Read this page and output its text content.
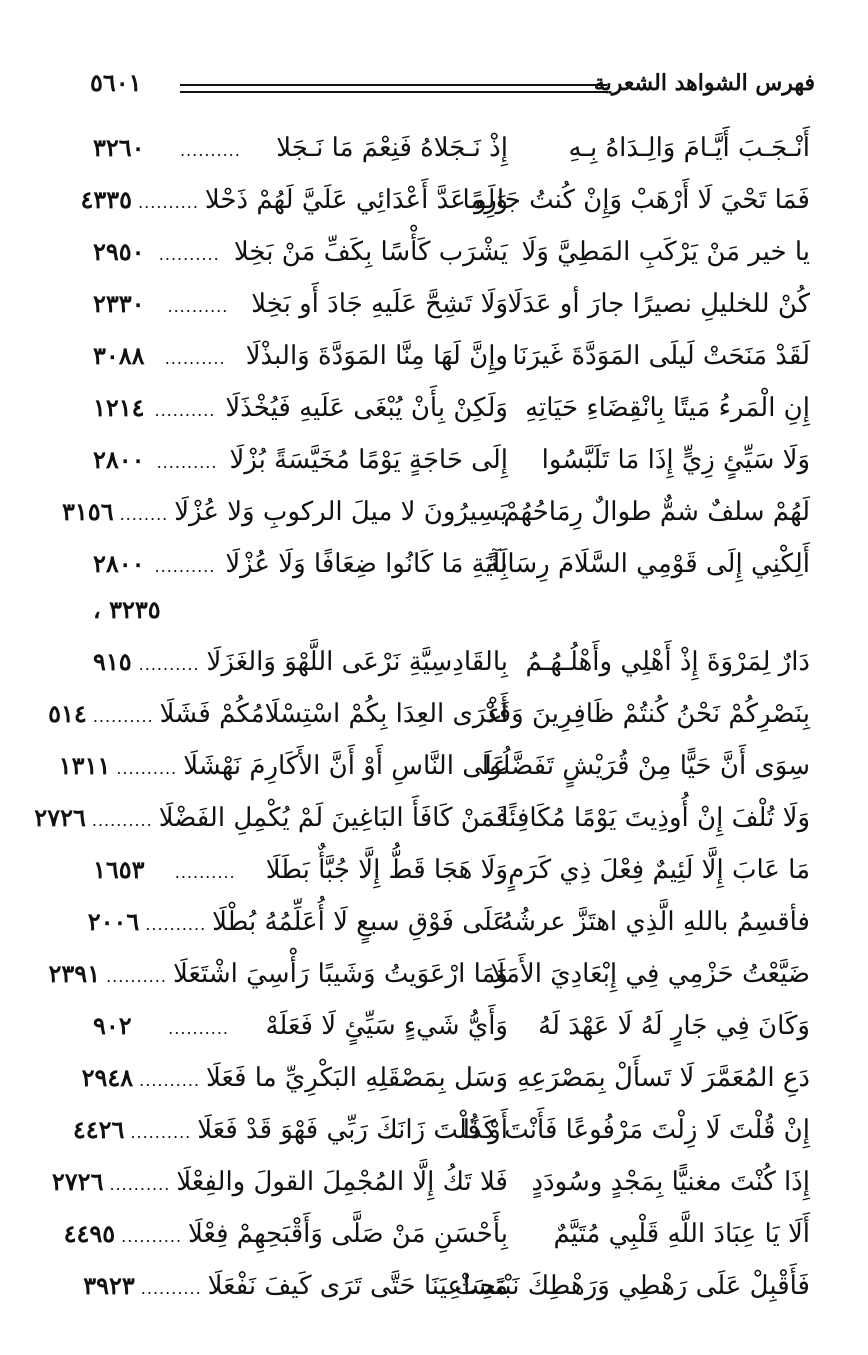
فهرس الشواهد الشعرية
٥٦٠١
أَنْـجَـبَ أَيَّـامَ وَالِـدَاهُ بِـهِ
إِذْ نَـجَلاهُ فَنِعْمَ مَا نَـجَلا
..........
٣٢٦٠
فَمَا تَحْيَ لَا أَرْهَبْ وَإِنْ كُنتُ جَارِمًا
وَلَو عَدَّ أَعْدَائِي عَلَيَّ لَهُمْ ذَحْلا
..........
٤٣٣٥
يا خير مَنْ يَرْكَبِ المَطِيَّ وَلَا
يَشْرَب كَأْسًا بِكَفِّ مَنْ بَخِلا
..........
٢٩٥٠
كُنْ للخليلِ نصيرًا جارَ أو عَدَلَا
وَلَا تَشِحَّ عَلَيهِ جَادَ أَو بَخِلا
..........
٢٣٣٠
لَقَدْ مَنَحَتْ لَيلَى المَوَدَّةَ غَيرَنَا
وإِنَّ لَهَا مِنَّا المَوَدَّةَ وَالبذْلَا
..........
٣٠٨٨
إِنِ الْمَرءُ مَيتًا بِانْقِضَاءِ حَيَاتِهِ
وَلَكِنْ بِأَنْ يُبْغَى عَلَيهِ فَيُخْذَلَا
..........
١٢١٤
وَلَا سَيِّئٍ زِيٍّ إِذَا مَا تَلَبَّسُوا
إِلَى حَاجَةٍ يَوْمًا مُخَيَّسَةً بُزْلَا
..........
٢٨٠٠
لَهُمْ سلفٌ شمٌّ طوالٌ رِمَاحُهُمْ
يَسِيرُونَ لا ميلَ الركوبِ وَلا عُزْلَا
........
٣١٥٦
أَلِكْنِي إِلَى قَوْمِي السَّلَامَ رِسَالَةً
بِآيَةِ مَا كَانُوا ضِعَافًا وَلَا عُزْلَا
..........
٢٨٠٠
، ٣٢٣٥
دَارٌ لِمَرْوَةَ إِذْ أَهْلِي وأَهْلُـهُـمُ
بِالقَادِسِيَّةِ نَرْعَى اللَّهْوَ وَالغَزَلَا
..........
٩١٥
بِنَصْرِكُمْ نَحْنُ كُنتُمْ ظَافِرِينَ وَقَدْ
أَغْرَى العِدَا بِكُمْ اسْتِسْلَامُكُمْ فَشَلَا
..........
٥١٤
سِوَى أَنَّ حَيًّا مِنْ قُرَيْشٍ تَفَضَّلُوا
عَلَى النَّاسِ أَوْ أَنَّ الأَكَارِمَ نَهْشَلَا
..........
١٣١١
وَلَا تُلْفَ إِنْ أُوذِيتَ يَوْمًا مُكَافِئًا
فَمَنْ كَافَأَ البَاغِينَ لَمْ يُكْمِلِ الفَضْلَا
..........
٢٧٢٦
مَا عَابَ إِلَّا لَئِيمٌ فِعْلَ ذِي كَرَمٍ
وَلَا هَجَا قَطُّ إِلَّا جُبَّأٌ بَطَلَا
..........
١٦٥٣
فأقسِمُ باللهِ الَّذِي اهتَزَّ عرشُهُ
عَلَى فَوْقِ سبعٍ لَا أُعَلِّمُهُ بُطْلَا
..........
٢٠٠٦
ضَيَّعْتُ حَزْمِي فِي إِبْعَادِيَ الأَمَلَا
وَمَا ارْعَوَيتُ وَشَيبًا رَأْسِيَ اشْتَعَلَا
..........
٢٣٩١
وَكَانَ فِي جَارٍ لَهُ لَا عَهْدَ لَهُ
وَأَيُّ شَيءٍ سَيِّئٍ لَا فَعَلَهْ
..........
٩٠٢
دَعِ المُعَمَّرَ لَا تَسأَلْ بِمَصْرَعِهِ
وَسَل بِمَصْقَلِهِ البَكْرِيِّ ما فَعَلَا
..........
٢٩٤٨
إِنْ قُلْتَ لَا زِلْتَ مَرْفُوعًا فَأَنْتَ كَذَا
أَوْ قُلْتَ زَانَكَ رَبِّي فَهْوَ قَدْ فَعَلَا
..........
٤٤٢٦
إِذَا كُنْتَ مغنيًّا بِمَجْدٍ وسُودَدٍ
فَلا تَكُ إِلَّا المُجْمِلَ القولَ والفِعْلَا
..........
٢٧٢٦
أَلَا يَا عِبَادَ اللَّهِ قَلْبِي مُتَيَّمٌ
بِأَحْسَنِ مَنْ صَلَّى وَأَقْبَحِهِمْ فِعْلَا
..........
٤٤٩٥
فَأَقْبِلْ عَلَى رَهْطِي وَرَهْطِكَ نَبْتَحِثْ
مَسَاعِيَنَا حَتَّى تَرَى كَيفَ نَفْعَلَا
..........
٣٩٢٣
